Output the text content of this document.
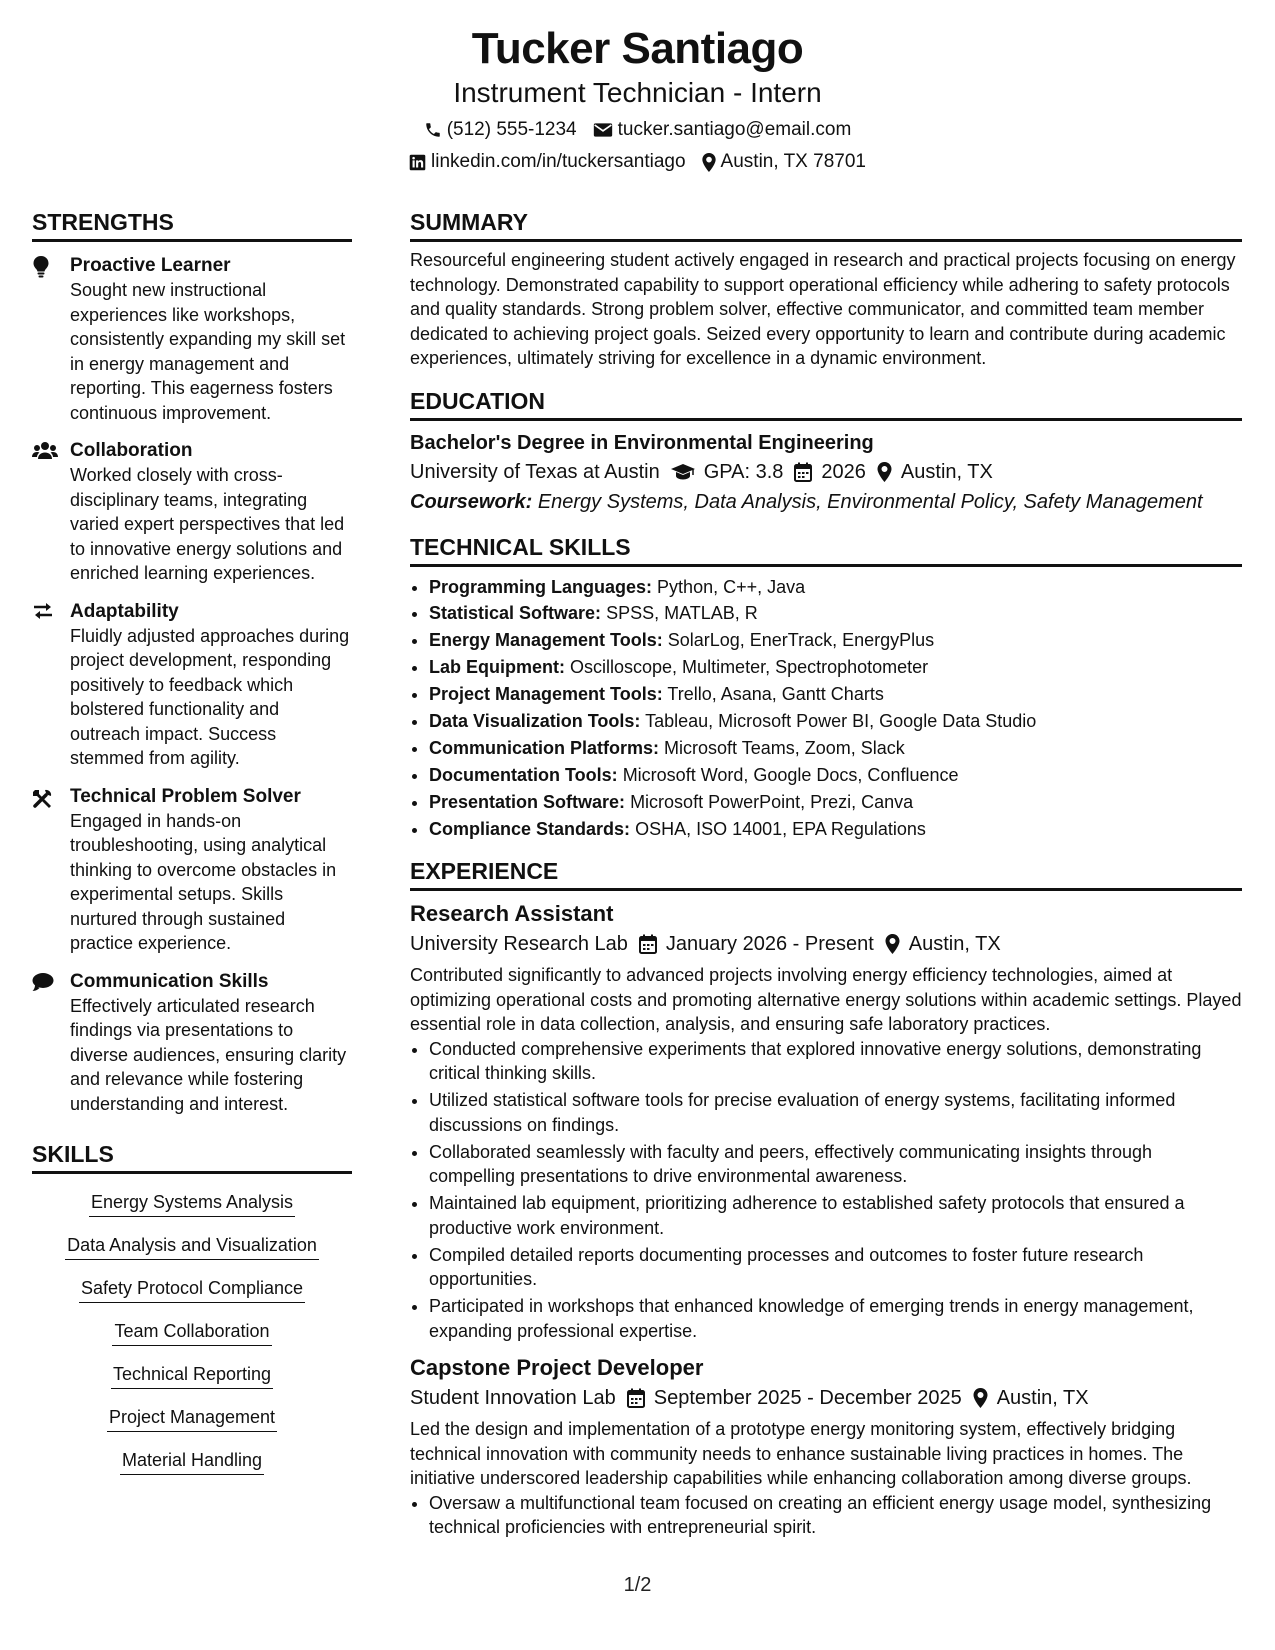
Tucker Santiago
Instrument Technician - Intern
(512) 555-1234 tucker.santiago@email.com
linkedin.com/in/tuckersantiago Austin, TX 78701
STRENGTHS
Proactive Learner
Sought new instructional experiences like workshops, consistently expanding my skill set in energy management and reporting. This eagerness fosters continuous improvement.
Collaboration
Worked closely with cross-disciplinary teams, integrating varied expert perspectives that led to innovative energy solutions and enriched learning experiences.
Adaptability
Fluidly adjusted approaches during project development, responding positively to feedback which bolstered functionality and outreach impact. Success stemmed from agility.
Technical Problem Solver
Engaged in hands-on troubleshooting, using analytical thinking to overcome obstacles in experimental setups. Skills nurtured through sustained practice experience.
Communication Skills
Effectively articulated research findings via presentations to diverse audiences, ensuring clarity and relevance while fostering understanding and interest.
SKILLS
Energy Systems Analysis
Data Analysis and Visualization
Safety Protocol Compliance
Team Collaboration
Technical Reporting
Project Management
Material Handling
SUMMARY
Resourceful engineering student actively engaged in research and practical projects focusing on energy technology. Demonstrated capability to support operational efficiency while adhering to safety protocols and quality standards. Strong problem solver, effective communicator, and committed team member dedicated to achieving project goals. Seized every opportunity to learn and contribute during academic experiences, ultimately striving for excellence in a dynamic environment.
EDUCATION
Bachelor's Degree in Environmental Engineering
University of Texas at Austin GPA: 3.8 2026 Austin, TX
Coursework: Energy Systems, Data Analysis, Environmental Policy, Safety Management
TECHNICAL SKILLS
• Programming Languages: Python, C++, Java
• Statistical Software: SPSS, MATLAB, R
• Energy Management Tools: SolarLog, EnerTrack, EnergyPlus
• Lab Equipment: Oscilloscope, Multimeter, Spectrophotometer
• Project Management Tools: Trello, Asana, Gantt Charts
• Data Visualization Tools: Tableau, Microsoft Power BI, Google Data Studio
• Communication Platforms: Microsoft Teams, Zoom, Slack
• Documentation Tools: Microsoft Word, Google Docs, Confluence
• Presentation Software: Microsoft PowerPoint, Prezi, Canva
• Compliance Standards: OSHA, ISO 14001, EPA Regulations
EXPERIENCE
Research Assistant
University Research Lab January 2026 - Present Austin, TX
Contributed significantly to advanced projects involving energy efficiency technologies, aimed at optimizing operational costs and promoting alternative energy solutions within academic settings. Played essential role in data collection, analysis, and ensuring safe laboratory practices.
• Conducted comprehensive experiments that explored innovative energy solutions, demonstrating critical thinking skills.
• Utilized statistical software tools for precise evaluation of energy systems, facilitating informed discussions on findings.
• Collaborated seamlessly with faculty and peers, effectively communicating insights through compelling presentations to drive environmental awareness.
• Maintained lab equipment, prioritizing adherence to established safety protocols that ensured a productive work environment.
• Compiled detailed reports documenting processes and outcomes to foster future research opportunities.
• Participated in workshops that enhanced knowledge of emerging trends in energy management, expanding professional expertise.
Capstone Project Developer
Student Innovation Lab September 2025 - December 2025 Austin, TX
Led the design and implementation of a prototype energy monitoring system, effectively bridging technical innovation with community needs to enhance sustainable living practices in homes. The initiative underscored leadership capabilities while enhancing collaboration among diverse groups.
• Oversaw a multifunctional team focused on creating an efficient energy usage model, synthesizing technical proficiencies with entrepreneurial spirit.
1/2
